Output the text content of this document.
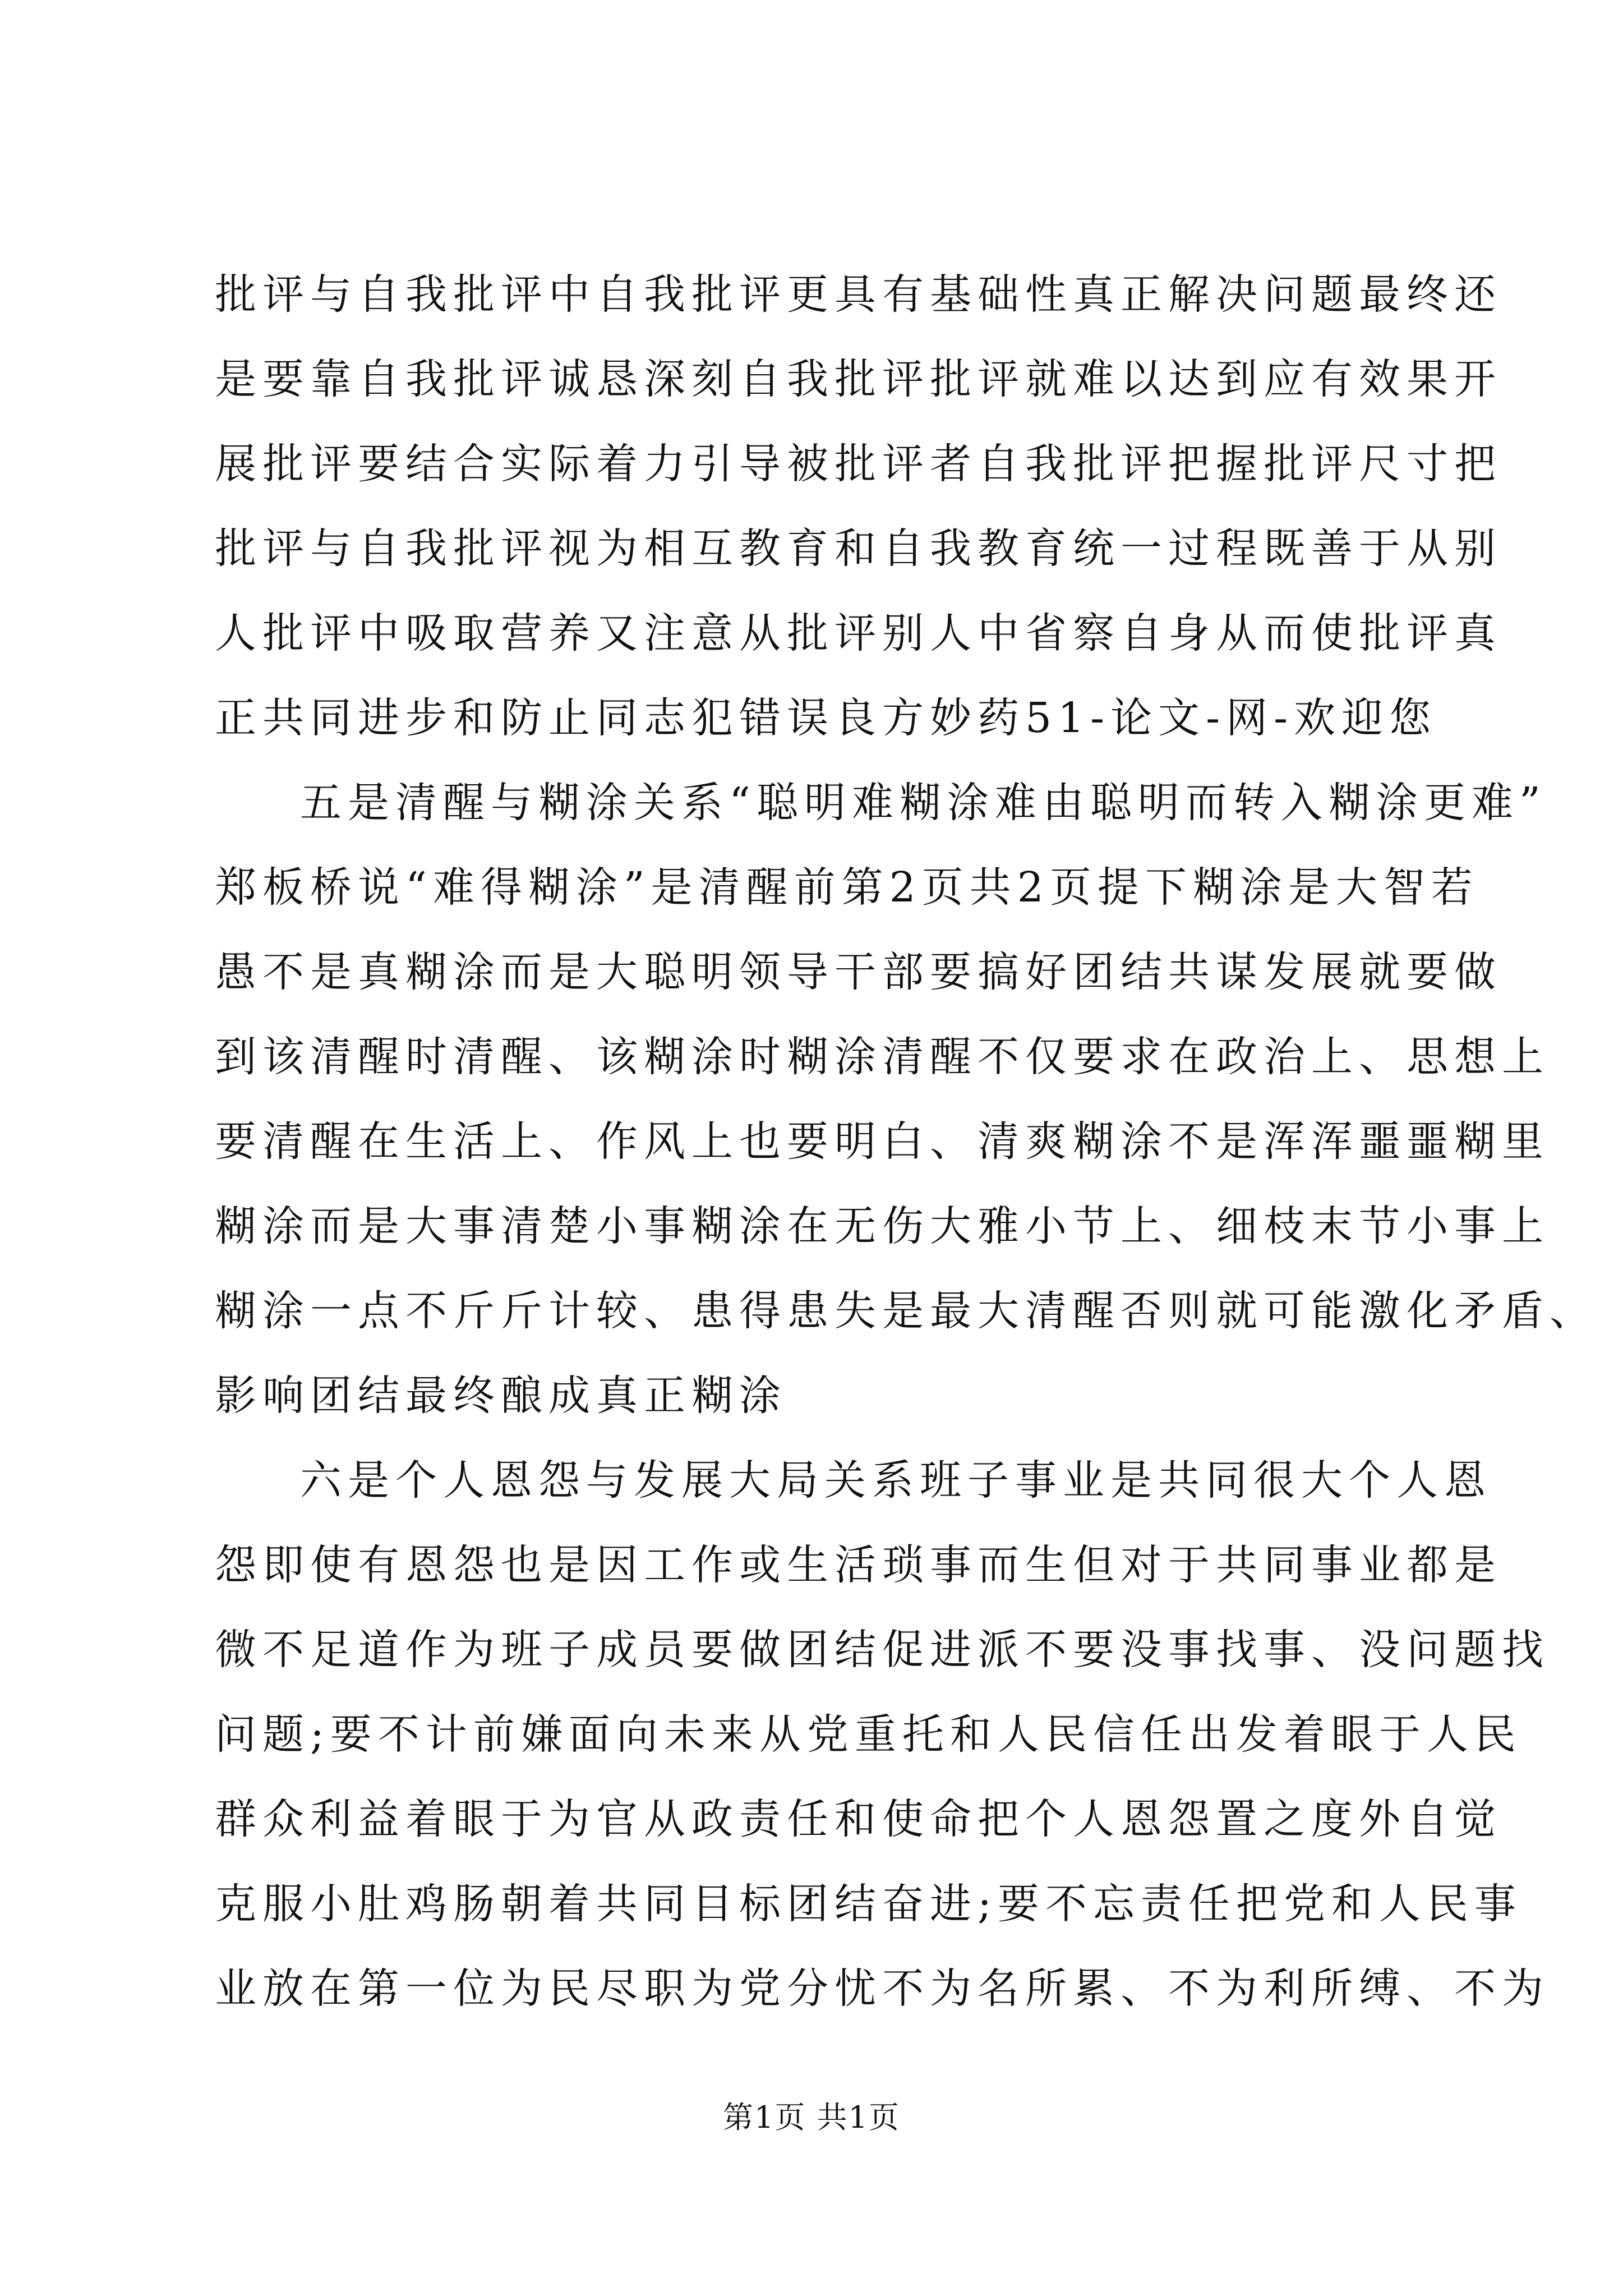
批评与自我批评中自我批评更具有基础性真正解决问题最终还
是要靠自我批评诚恳深刻自我批评批评就难以达到应有效果开
展批评要结合实际着力引导被批评者自我批评把握批评尺寸把
批评与自我批评视为相互教育和自我教育统一过程既善于从别
人批评中吸取营养又注意从批评别人中省察自身从而使批评真
正共同进步和防止同志犯错误良方妙药51-论文-网-欢迎您
五是清醒与糊涂关系“聪明难糊涂难由聪明而转入糊涂更难”
郑板桥说“难得糊涂”是清醒前第2页共2页提下糊涂是大智若
愚不是真糊涂而是大聪明领导干部要搞好团结共谋发展就要做
到该清醒时清醒、该糊涂时糊涂清醒不仅要求在政治上、思想上
要清醒在生活上、作风上也要明白、清爽糊涂不是浑浑噩噩糊里
糊涂而是大事清楚小事糊涂在无伤大雅小节上、细枝末节小事上
糊涂一点不斤斤计较、患得患失是最大清醒否则就可能激化矛盾、
影响团结最终酿成真正糊涂
六是个人恩怨与发展大局关系班子事业是共同很大个人恩
怨即使有恩怨也是因工作或生活琐事而生但对于共同事业都是
微不足道作为班子成员要做团结促进派不要没事找事、没问题找
问题;要不计前嫌面向未来从党重托和人民信任出发着眼于人民
群众利益着眼于为官从政责任和使命把个人恩怨置之度外自觉
克服小肚鸡肠朝着共同目标团结奋进;要不忘责任把党和人民事
业放在第一位为民尽职为党分忧不为名所累、不为利所缚、不为
第1页 共1页
